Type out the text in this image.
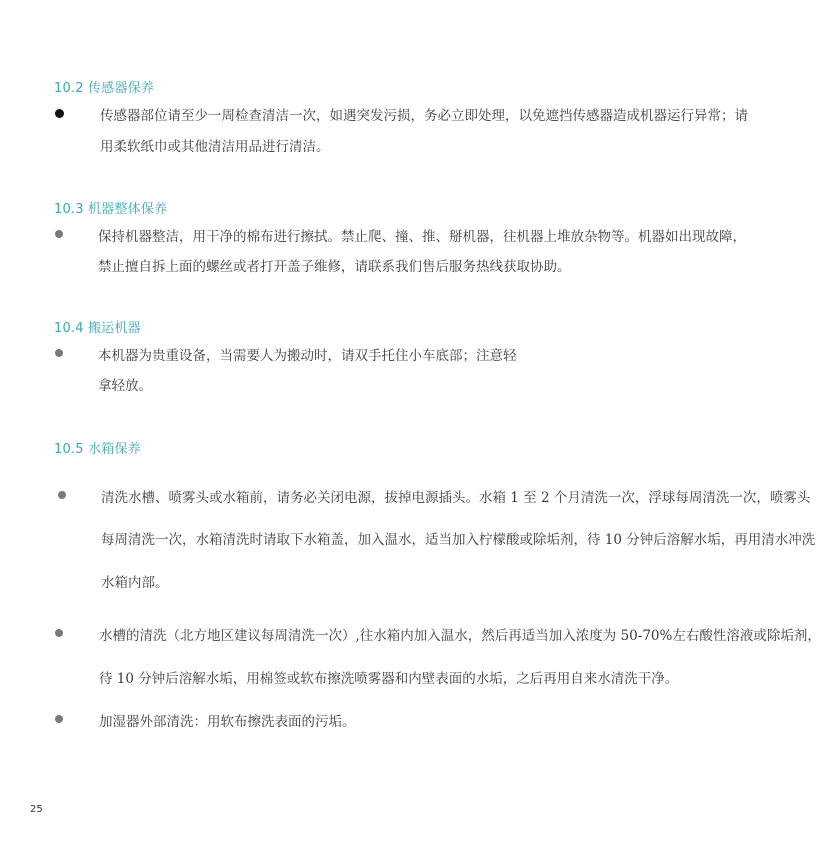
10.2 传感器保养
传感器部位请至少一周检查清洁一次，如遇突发污损，务必立即处理，以免遮挡传感器造成机器运行异常；请
用柔软纸巾或其他清洁用品进行清洁。
10.3 机器整体保养
保持机器整洁，用干净的棉布进行擦拭。禁止爬、撞、推、掰机器，往机器上堆放杂物等。机器如出现故障，
禁止擅自拆上面的螺丝或者打开盖子维修，请联系我们售后服务热线获取协助。
10.4 搬运机器
本机器为贵重设备，当需要人为搬动时，请双手托住小车底部；注意轻
拿轻放。
10.5 水箱保养
清洗水槽、喷雾头或水箱前，请务必关闭电源，拔掉电源插头。水箱 1 至 2 个月清洗一次，浮球每周清洗一次，喷雾头
每周清洗一次，水箱清洗时请取下水箱盖，加入温水，适当加入柠檬酸或除垢剂，待 10 分钟后溶解水垢，再用清水冲洗
水箱内部。
水槽的清洗（北方地区建议每周清洗一次）,往水箱内加入温水，然后再适当加入浓度为 50-70%左右酸性溶液或除垢剂，
待 10 分钟后溶解水垢，用棉签或软布擦洗喷雾器和内壁表面的水垢，之后再用自来水清洗干净。
加湿器外部清洗：用软布擦洗表面的污垢。
25
